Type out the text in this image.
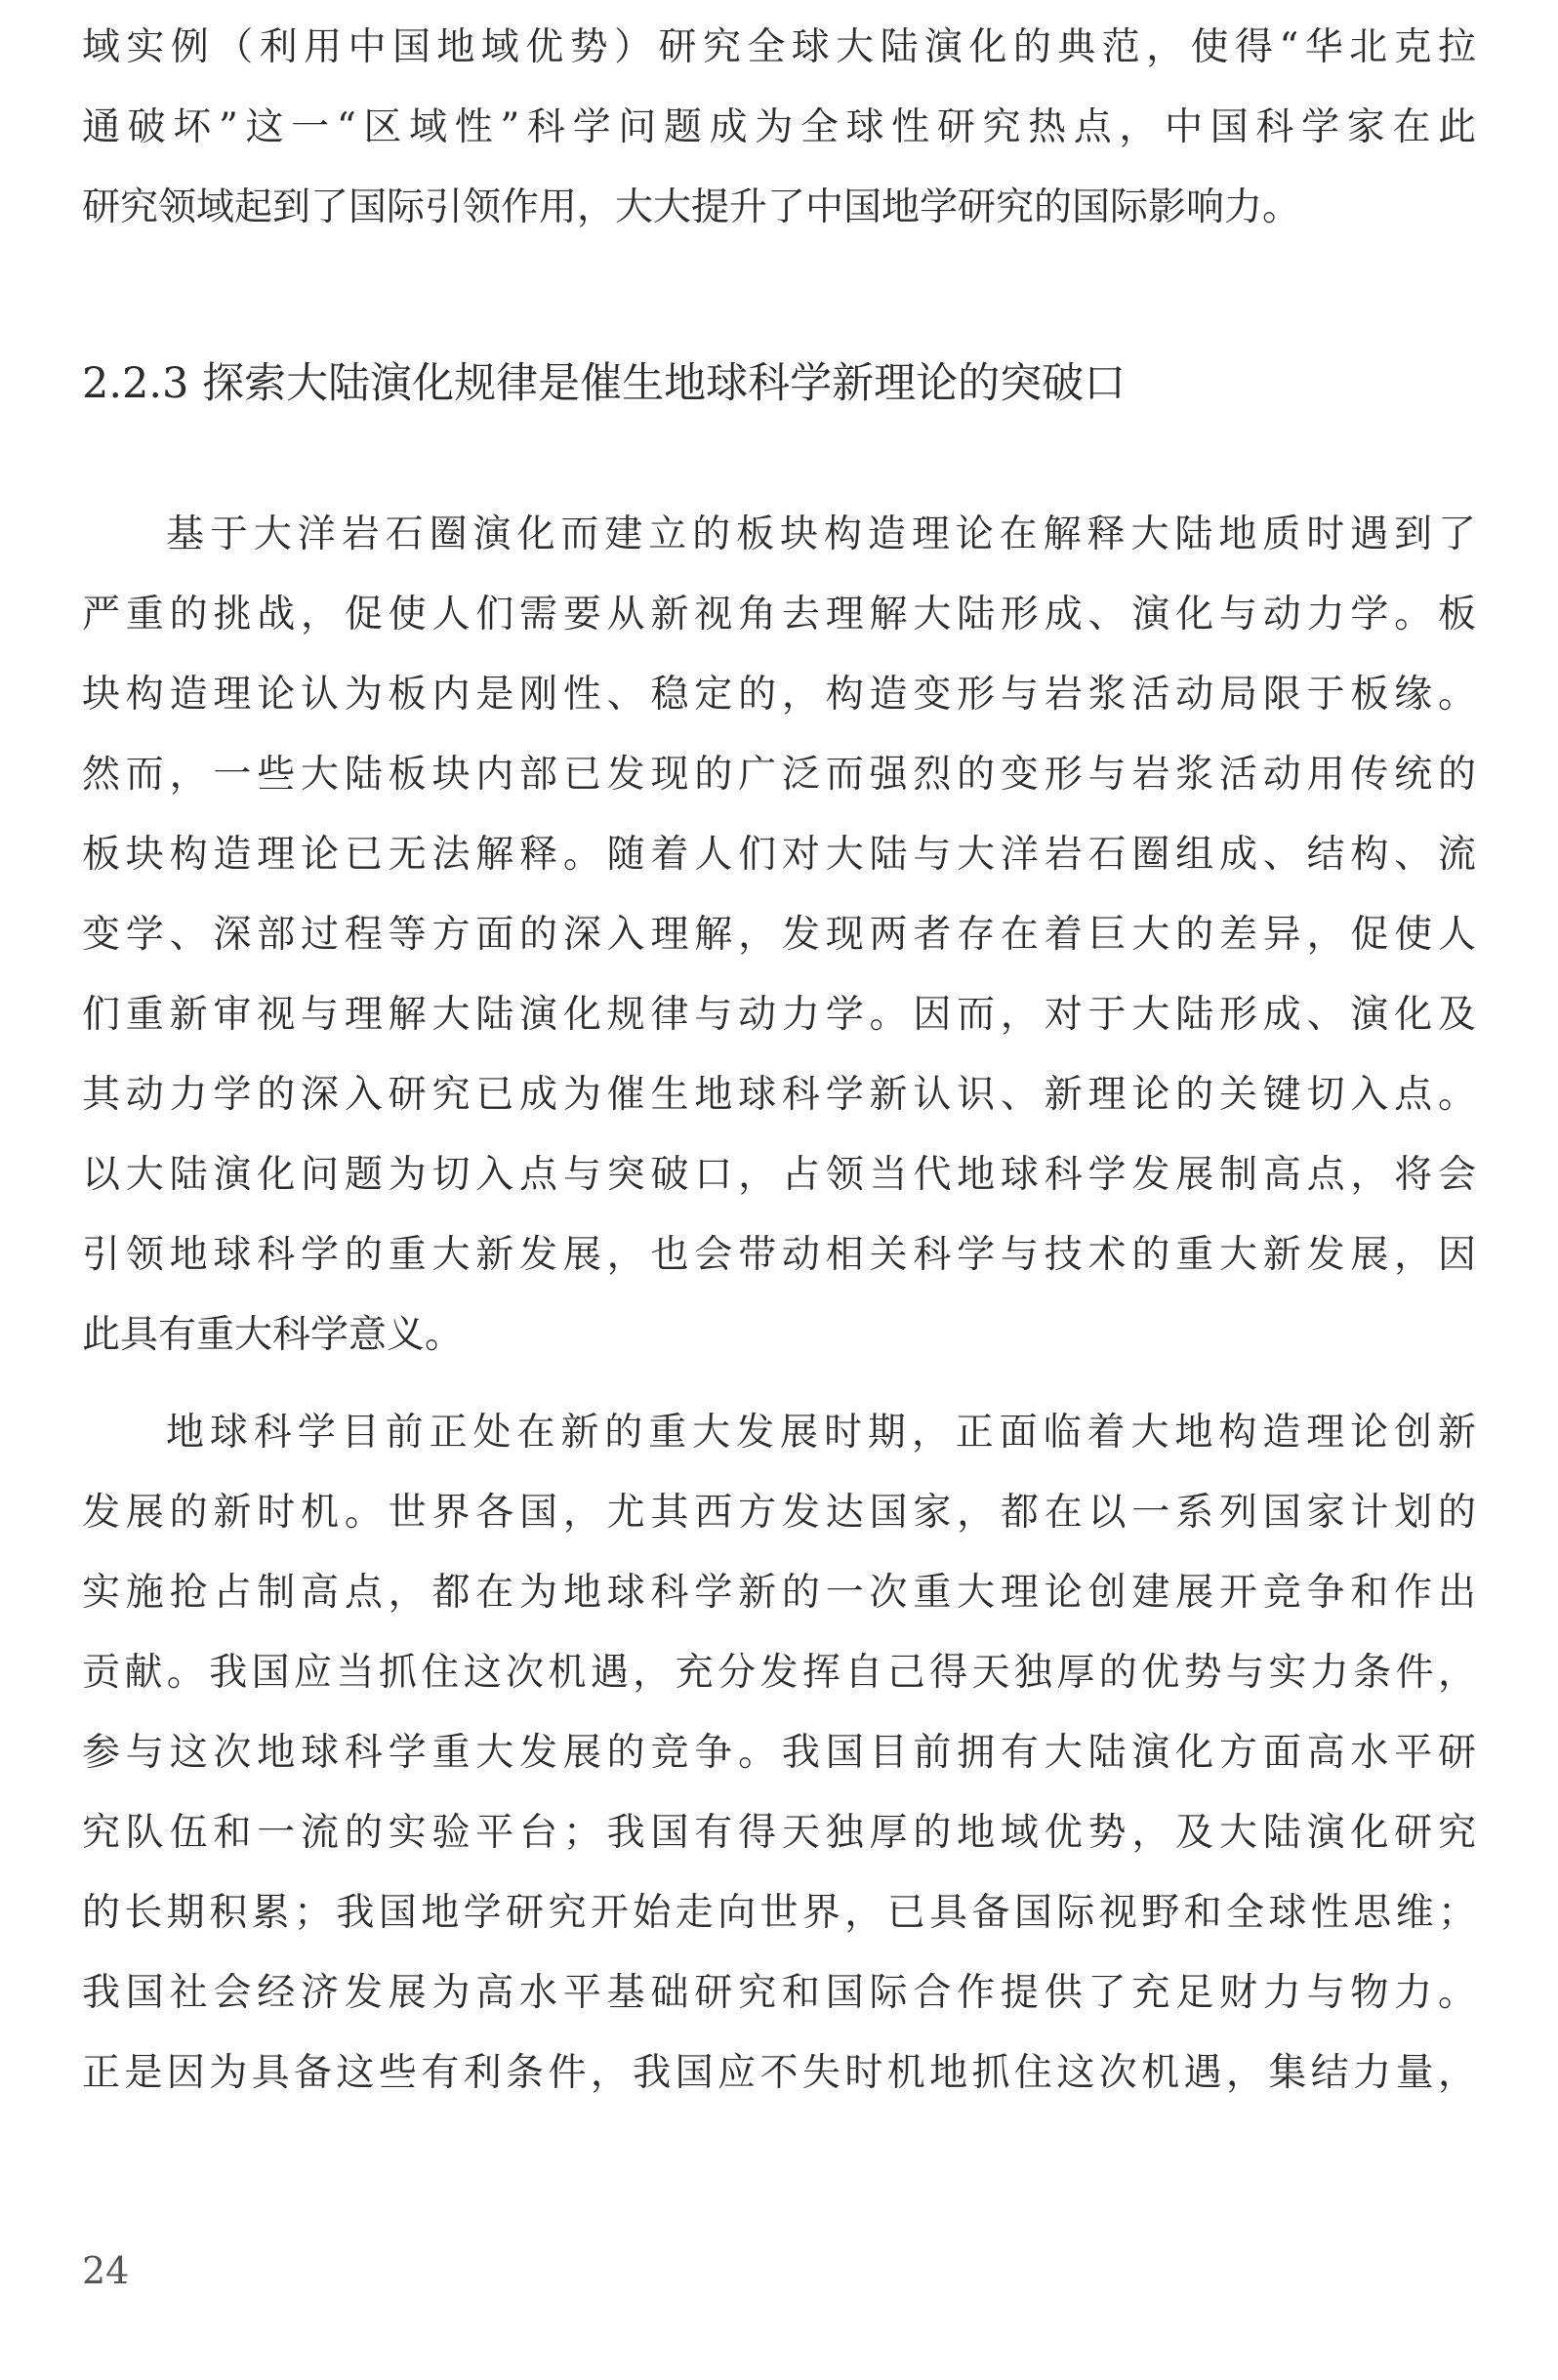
域实例（利用中国地域优势）研究全球大陆演化的典范，使得“华北克拉
通破坏”这一“区域性”科学问题成为全球性研究热点，中国科学家在此
研究领域起到了国际引领作用，大大提升了中国地学研究的国际影响力。
2.2.3 探索大陆演化规律是催生地球科学新理论的突破口
基于大洋岩石圈演化而建立的板块构造理论在解释大陆地质时遇到了
严重的挑战，促使人们需要从新视角去理解大陆形成、演化与动力学。板
块构造理论认为板内是刚性、稳定的，构造变形与岩浆活动局限于板缘。
然而，一些大陆板块内部已发现的广泛而强烈的变形与岩浆活动用传统的
板块构造理论已无法解释。随着人们对大陆与大洋岩石圈组成、结构、流
变学、深部过程等方面的深入理解，发现两者存在着巨大的差异，促使人
们重新审视与理解大陆演化规律与动力学。因而，对于大陆形成、演化及
其动力学的深入研究已成为催生地球科学新认识、新理论的关键切入点。
以大陆演化问题为切入点与突破口，占领当代地球科学发展制高点，将会
引领地球科学的重大新发展，也会带动相关科学与技术的重大新发展，因
此具有重大科学意义。
地球科学目前正处在新的重大发展时期，正面临着大地构造理论创新
发展的新时机。世界各国，尤其西方发达国家，都在以一系列国家计划的
实施抢占制高点，都在为地球科学新的一次重大理论创建展开竞争和作出
贡献。我国应当抓住这次机遇，充分发挥自己得天独厚的优势与实力条件，
参与这次地球科学重大发展的竞争。我国目前拥有大陆演化方面高水平研
究队伍和一流的实验平台；我国有得天独厚的地域优势，及大陆演化研究
的长期积累；我国地学研究开始走向世界，已具备国际视野和全球性思维；
我国社会经济发展为高水平基础研究和国际合作提供了充足财力与物力。
正是因为具备这些有利条件，我国应不失时机地抓住这次机遇，集结力量，
24
